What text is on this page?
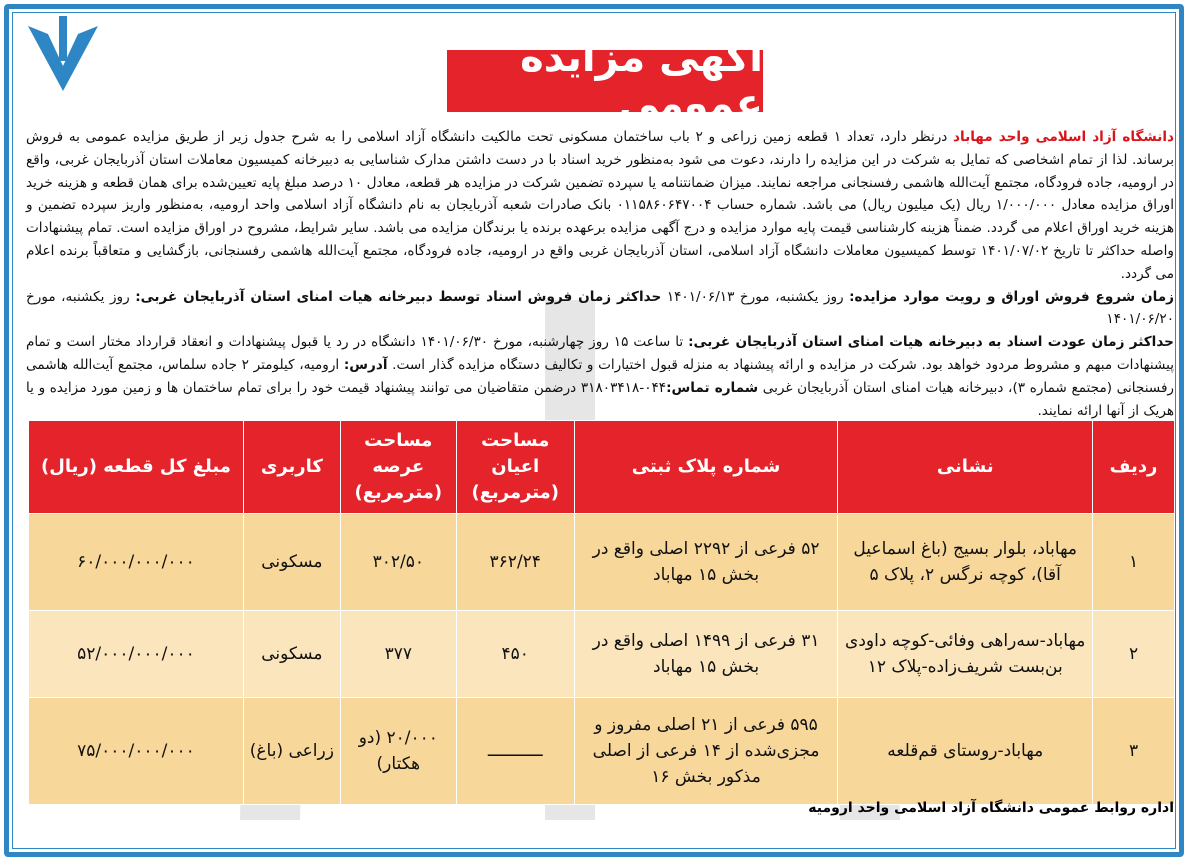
آگهی مزایده عمومی

دانشگاه آزاد اسلامی واحد مهاباد درنظر دارد، تعداد ۱ قطعه زمین زراعی و ۲ باب ساختمان مسکونی تحت مالکیت دانشگاه آزاد اسلامی را به شرح جدول زیر از طریق مزایده عمومی به فروش برساند. لذا از تمام اشخاصی که تمایل به شرکت در این مزایده را دارند، دعوت می شود به‌منظور خرید اسناد با در دست داشتن مدارک شناسایی به دبیرخانه کمیسیون معاملات استان آذربایجان غربی، واقع در ارومیه، جاده فرودگاه، مجتمع آیت‌الله هاشمی رفسنجانی مراجعه نمایند. میزان ضمانتنامه یا سپرده تضمین شرکت در مزایده هر قطعه، معادل ۱۰ درصد مبلغ پایه تعیین‌شده برای همان قطعه و هزینه خرید اوراق مزایده معادل ۱/۰۰۰/۰۰۰ ریال (یک میلیون ریال) می باشد. شماره حساب ۰۱۱۵۸۶۰۶۴۷۰۰۴ بانک صادرات شعبه آذربایجان به نام دانشگاه آزاد اسلامی واحد ارومیه، به‌منظور واریز سپرده تضمین و هزینه خرید اوراق اعلام می گردد. ضمناً هزینه کارشناسی قیمت پایه موارد مزایده و درج آگهی مزایده برعهده برنده یا برندگان مزایده می باشد. سایر شرایط، مشروح در اوراق مزایده است. تمام پیشنهادات واصله حداکثر تا تاریخ ۱۴۰۱/۰۷/۰۲ توسط کمیسیون معاملات دانشگاه آزاد اسلامی، استان آذربایجان غربی واقع در ارومیه، جاده فرودگاه، مجتمع آیت‌الله هاشمی رفسنجانی، بازگشایی و متعاقباً برنده اعلام می گردد.

زمان شروع فروش اوراق و رویت موارد مزایده: روز یکشنبه، مورخ ۱۴۰۱/۰۶/۱۳ حداکثر زمان فروش اسناد توسط دبیرخانه هیات امنای استان آذربایجان غربی: روز یکشنبه، مورخ ۱۴۰۱/۰۶/۲۰
حداکثر زمان عودت اسناد به دبیرخانه هیات امنای استان آذربایجان غربی: تا ساعت ۱۵ روز چهارشنبه، مورخ ۱۴۰۱/۰۶/۳۰ دانشگاه در رد یا قبول پیشنهادات و انعقاد قرارداد مختار است و تمام پیشنهادات مبهم و مشروط مردود خواهد بود. شرکت در مزایده و ارائه پیشنهاد به منزله قبول اختیارات و تکالیف دستگاه مزایده گذار است. آدرس: ارومیه، کیلومتر ۲ جاده سلماس، مجتمع آیت‌الله هاشمی رفسنجانی (مجتمع شماره ۳)، دبیرخانه هیات امنای استان آذربایجان غربی شماره تماس:۰۴۴-۳۱۸۰۳۴۱۸ درضمن متقاضیان می توانند پیشنهاد قیمت خود را برای تمام ساختمان ها و زمین مورد مزایده و یا هریک از آنها ارائه نمایند.

ردیف	نشانی	شماره پلاک ثبتی	مساحت اعیان (مترمربع)	مساحت عرصه (مترمربع)	کاربری	مبلغ کل قطعه (ریال)
۱	مهاباد، بلوار بسیج (باغ اسماعیل آقا)، کوچه نرگس ۲، پلاک ۵	۵۲ فرعی از ۲۲۹۲ اصلی واقع در بخش ۱۵ مهاباد	۳۶۲/۲۴	۳۰۲/۵۰	مسکونی	۶۰/۰۰۰/۰۰۰/۰۰۰
۲	مهاباد-سه‌راهی وفائی-کوچه داودی بن‌بست شریف‌زاده-پلاک ۱۲	۳۱ فرعی از ۱۴۹۹ اصلی واقع در بخش ۱۵ مهاباد	۴۵۰	۳۷۷	مسکونی	۵۲/۰۰۰/۰۰۰/۰۰۰
۳	مهاباد-روستای قم‌قلعه	۵۹۵ فرعی از ۲۱ اصلی مفروز و مجزی‌شده از ۱۴ فرعی از اصلی مذکور بخش ۱۶	ـــــــــــ	۲۰/۰۰۰ (دو هکتار)	زراعی (باغ)	۷۵/۰۰۰/۰۰۰/۰۰۰
اداره روابط عمومی دانشگاه آزاد اسلامی واحد ارومیه
